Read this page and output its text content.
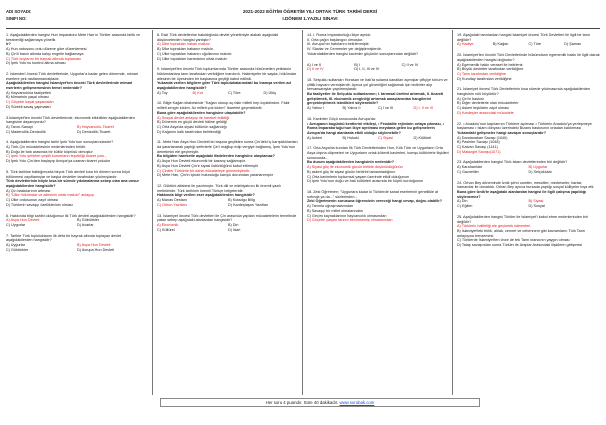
ADI SOYADI:
SINIFI NO:
2021-2022 EĞİTİM ÖĞRETİM YILI ORTAK TÜRK TARİHİ DERSİ
I.DÖNEM 1.YAZILI SINAVI
1. Aşağıdakilerden hangisi Hun İmparatoru Mete Han'ın Türkler arasında birlik ve beraberliği sağlamaya yönelik
ir?
A) Hun ordusunu onlu düzene göre düzenlemesi
B) Çin'li basılı altında kalışı engelle bağlamaya
C) Türk boylarını bir bayrak altında toplaması
D) İpek Yolu'nu kontrol altına alması
2. İskenderî öncesi Türk devletlerinde, Uygurlar'a kadar gelen dönemde, mimari eserlere pek rastlanmamaktadır.
Aşağıdakilerden hangisi İslamiyet'ten önceki Türk devletlerinde mimari eserlerin gelişmemesinin temel nedenidir?
A) Hayvancılıkla faaliyetleri
B) Mimarinin yaşal olması
C) Göçebe hayat yaşamaları
D) Sürekli savaş yapmaları
3.İslamiyet'ten önceki Türk devletlerinde, ekonomik etkinlikler aşağıdakilerden hangisine dayanıyordu?
A) Tarım-Sanayi	B) Hayvancılık-Ticaret
C) Madencilik-Denizcilik	D) Denizcilik-Ticaret
4. Aşağıdakilerden hangisi tarihi İpek Yolu'nun sonuçlarındandır?
A) Türk-Çin mücadelesinin nedenlerinden biridir.
B) Doğu ile batı arasında bir kültür köprüsü olmuştur
C) İpek Yolu şehirleri çeşitli kurumların teşvikliği ticaret yolu...
D) İpek Yolu Çin'den başlayıp Avrupa'ya uzanan ticaret yoludur
5. Türk tarihine baktığımızda birçok Türk devleti kısa bir dönem sonra büyü bölünmesi zayıflamışlar ve başka devletler tarafından yıkılmışlardır.
Türk devletlerinin böyle kısa bir sürede yıkılmalarına sebep olan ana unsur aşağıdakilerden hangisidir?
A) Çin baskılarının artması
B) "Ülke hükümdar ve ailesinin ortak malıdır" anlayışı
C) Ülke ordusunun zayıf olması
D) Türklerin savaşçı özelliklerinin olması
6. Hakkında bilgi sahibi olduğumuz ilk Türk devleti aşağıdakilerden hangisidir?
A) Asya Hun Devleti	B) Göktürkler
C) Uygurlar	D) Avarlar
7. Tarihte Türk topluluklarını ilk defa bir bayrak altında toplayan devlet aşağıdakilerden hangisidir?
A) Uygurlar	B) Asya Hun Devleti
C) Göktürkler	D) Avrupa Hun Devleti
8. Eski Türk devletlerine bakıldığında devlet yönetimiyle alakalı aşağıdaki düşüncelerden hangisi yanlıştır?
A) Ülke toprakları hakan malıdır.
B) Ülke toprakları hakanın malıdır.
C) Ülke toprakları hakanın oğullarının malıdır.
D) Ülke toprakları hanedanın ortak malıdır.
9. İslamiyet'ten önceki Türk toplumlarında Türkler arasında hükümetleri yetkisinin hükümdarlara tanrı tarafından verildiğine inanılırdı. Hakimiyetin bir sayda, hükümdar ailesinin bir üyesinden bir başkasına geçtiği kabul edilirdi.
Yukarıda verilen bilgilere göre Türk toplulukalarındaki bu inanışa verilen ad aşağıdakilerden hangisidir?
A) Toy	B) Kut	C) Töre	D) Ülüş
10. Bilge Kağan kitabesinde "Kağan oturup aç fakir milleti hep toplattırdım. Fakir milleti zengin kıldım. Az milleti çok kıldım" ibareleri geçmektedir.
Buna göre aşağıdakilerden hangisine ulaşılabilir?
A) Sosyal devlet anlayışı ile hareket edildiği
B) Dönemin en güçlü devleti hâline geldiği
C) Orta Asya'da siyasi bütünün sağlandığı
D) Kağanın halk tarafından belirlendiği
11. Mete Han Asya Hun Devleti'nin başına geçtikten sonra Çin'deki iç karışıklıklardan da yararlanarak yaptığı seferlerle Çin'i mağlup edip vergiye bağlamış, İpek Yolu'nun denetimini ele geçirmiştir.
Bu bilgiden hareketle aşağıdaki ifadelerden hangisine ulaşılamaz?
A) Asya Hun Devleti ekonomik bir kazanç sağlamıştır.
B) Asya Hun Devleti Çin'e siyasi üstünlüğünü kabul ettirmiştir
C) Çinliler Türklerle bir daha mücadeleye girmemişlerdir.
D) Mete Han, Çin'in içinde bulunduğu karışık durumdan yararlanmıştır
12. Göktürk alfabesi ile yazılmıştır. Türk dili ve edebiyatının ilk önemli yazılı metinleridir. Türk tarihinin önemli Türkçe belgeleridir.
Hakkında bilgi verilen eser aşağıdakilerden hangisidir?
A) Manas Destanı	B) Kutadgu Bilig
C) Orhun Yazıtları	D) Kardeşlaşan Yazıtları
13. İslamiyet öncesi Türk devletleri ile Çin arasında yapılan mücadelelerin temelinde yatan sebep aşağıdaki alanlardan hangisidir?
A) Ekonomik	B) Din
C) Kültürel	D) İdari
14. I. Roma İmparatorluğu ikiye ayrıldı.
II. Orta çağın başlangıcı olmuştur.
III. Avrupa'nın hatırlarını belirlenmiştir.
IV. Slavlar ve Cermenler yer değiştirmişlerdir.
Yukarıdakilerden hangisi kavimler göçünün sonuçlarından değildir?
A) I ve II	B) I	C) II ve IV
D) II ve IV	D) I, II, III ve IV
15. Selçuklu sultanları Horasan ve Irak'ta sulama kanalları açmışlar çiftçiye tohum ve çiftlik hayvanı vermişlerdir. Ayrıca yol güvenliğini sağlamak için tedbirler alıp kervansaraylar yaptırmışlardır.
Bu faaliyetler ile Selçuklu sultanlarının; I. tarımsal üretimi artırmak, II. ticareti geliştirmek, III. ekonomik zenginliği artırmak amaçlarından hangilerini gerçekleştirmek istedikleri söylenebilir?
A) Yalnız I	B) Yalnız II	C) I ve III	D) I, II ve III
16. Kavimler Göçü sonucunda Avrupa'da:
• Avrupanın bugünkü kentlerini etkileşi, • Feodalite rejiminin ortaya çıkması, • Roma İmparatorluğu'nun ikiye ayrılması meydana gelen bu gelişmelerin Avrupa'da hangi alanlarda etkili olduğu söylenebilir?
A) Askeri	B) Hukuki	C) Siyasi	D) Kültürel
17. Orta Asya'da kurulan İlk Türk Devletlerinden Hun, Kök Türk ve Uygurların Orta Asya dışına düşmeleri ve Uygurların ortak kökenli kavimleri, komşu kültürlerle ilişkileri sonucunda...
Bu durum aşağıdakilerden hangisinin nedenidir?
A) Siyasi güç ile ekonomik gücün birlikte düşünüldüğünün
B) askeri güç ile siyasi gücün birbirini tamamladığının
C) Orta kavimlerin toplumsal yaşam üzerinde etkili olduğunun
D) İpek Yolu'nun doğu ve batı kültürleri arasında bir köprü kurduğunun
18. Zeki Öğretmen; "Uygurlara kadar ki Türklerde sanat eserlerinin genellikle at sırtında ya da..." sözlerinden...
Zeki Öğretmenin sorusuna öğrencinin vereceği hangi cevap, doğru olabilir?
A) Tarımla uğraşmalarından
B) Savaşçı bir millet olmalarından
C) Geçim kaynaklarının hayvancılık olmasından
D) Göçebe yaşam tarzını benimsemiş olmalarından
19. Aşağıdaki tanrılardan hangisi İslamiyet öncesi Türk Devletleri ile ilgili bir tanrı değildir?
A) Hadiye	B) Kağan	C) Töre	D) Şaman
20. İslamiyet'ten önceki Türk Devletlerinde hükümdarın egemenlik hakkı ile ilgili olarak aşağıdakilerden hangisi doğrudur?
A) Egemenlik hakkı veraset ile belirlenir.
B) Büyük devletler tarafından verildiğine
C) Tanrı tarafından verildiğine
D) Kurultay tarafından verildiğine
21. İslamiyet öncesi Türk Devletlerinin kısa sürede yıkılmasında aşağıdakilerden hangisinin rolü büyüktür?
A) Çin'in baskısı
B) Diğer devletlerle olan mücadeleler
C) Askeri teşkilatın zayıf olması
D) Kardeşler arasındaki mücadele
22. • Anadolu'nun kapılarının Türklere açılması • Türklerin Anadolu'ya yerleşmeye başlaması • İslam dünyası üzerindeki Bizans baskısının ortadan kaldırması
Yukarıdaki gelişmeler hangi savaşın sonuçlarıdır?
A) Dandanakan Savaşı (1040)
B) Pasinler Savaşı (1048)
C) Katvan Savaşı (1141)
D) Malazgirt Savaşı(1071)
23. Aşağıdakilerden hangisi Türk-İslam devletlerinden biri değildir?
A) Karahanlılar	B) Uygurlar
C) Gazneliler	D) Selçuklular
24. Orhan Bey döneminde İznik şehri camiler, mescitler, medreseler, hanlar, hamamlar ile donatıldı. Orhan Bey ayrıca bursada yaptığı sosyal külliyeler inşa etti.
Buna göre İznik'te aşağıdaki alanlardan hangisi ile ilgili çalışma yapıldığı söylenemez?
A) Din	B) Siyasi
C) Eğitim	D) Sosyal
25. Aşağıdakilerden hangisi Türkler ile İslamiyet'i kabul etme nedenlerinden biri değildir?
A) Türklerin halifeliği ele geçirmek istemeleri
B) İslamiyet'teki birlik, ahlak, cennet ve cehennem gibi kavramların Türk Tanrı anlayışına benzemesi
C) Türklerde İslamiyet'ten önce de tek Tanrı inancının yaygın olması
D) Talaş savaşından sonra Türkler ile Araplar Arasındaki ilişkilerin gelişmesi
Her soru 4 puandır. Süre 40 dakikadır. www.sorubak.com
